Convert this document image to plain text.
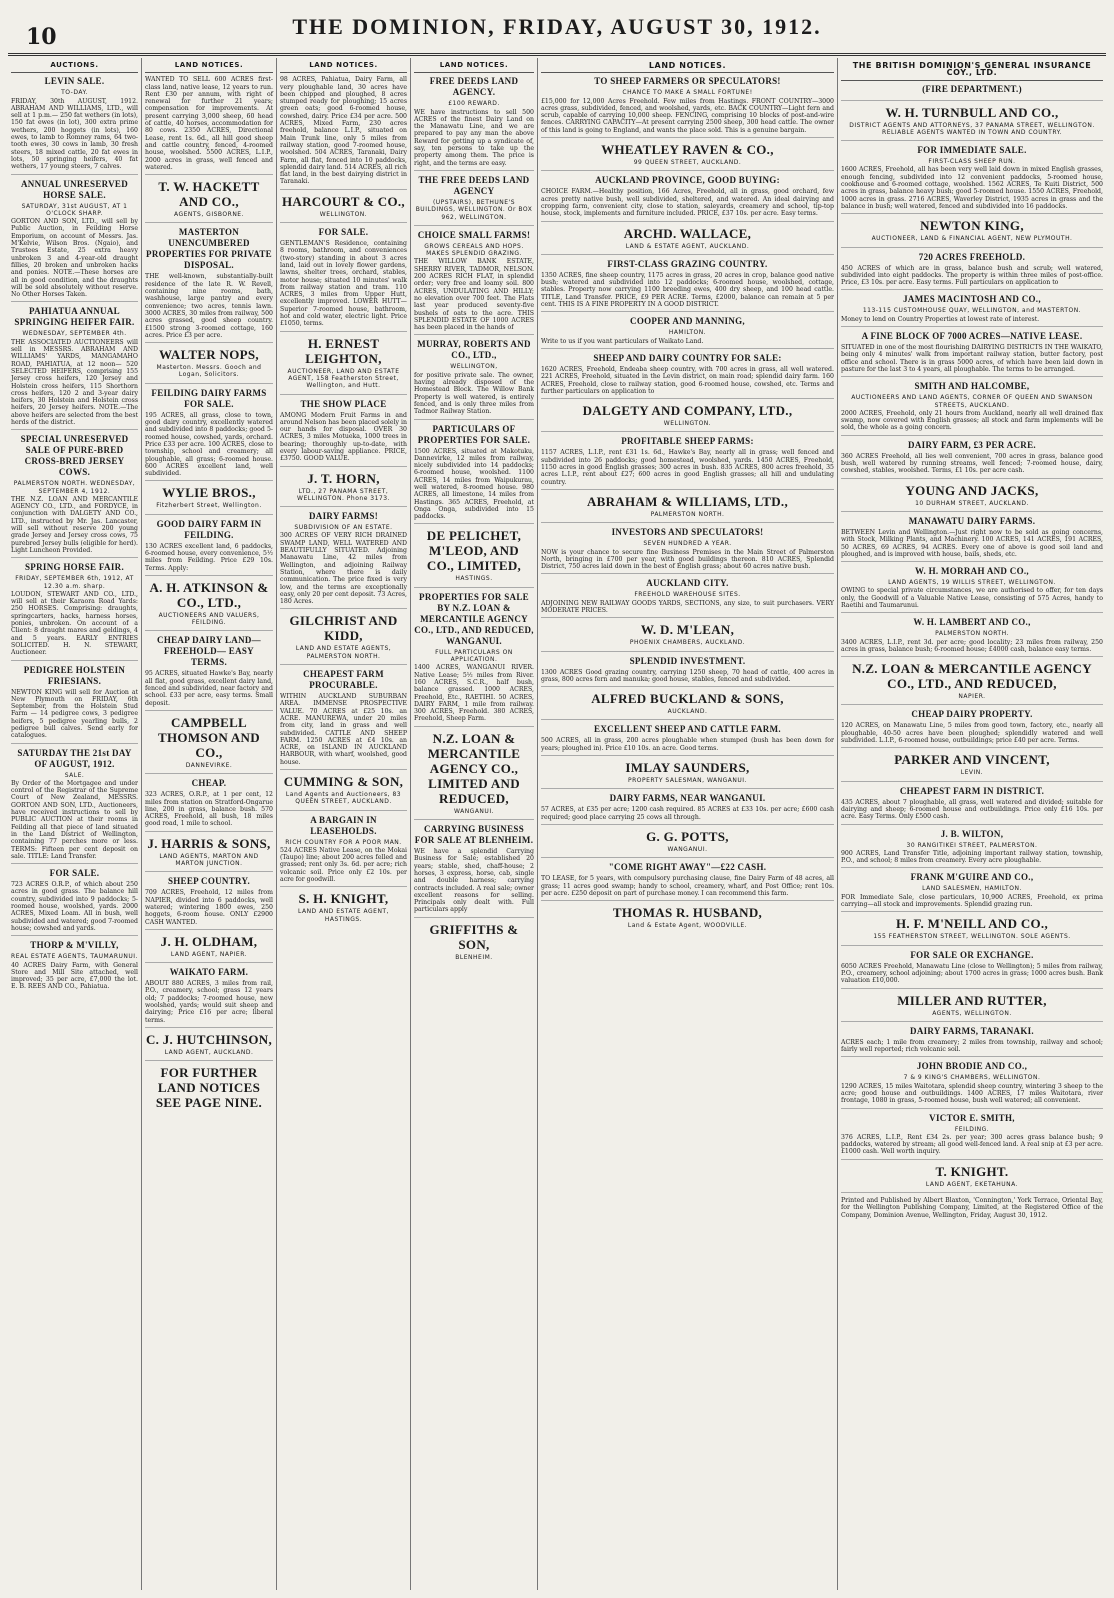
10	THE DOMINION, FRIDAY, AUGUST 30, 1912.
AUCTIONS.
LEVIN SALE.
TO-DAY.
FRIDAY, 30th AUGUST, 1912. ABRAHAM AND WILLIAMS, LTD., will sell at 1 p.m.— 250 fat wethers (in lots), 150 fat ewes (in lot), 300 extra prime wethers, 200 hoggets (in lots), 160 ewes, to lamb to Romney rams, 64 two-tooth ewes, 30 cows in lamb, 30 fresh steers, 18 mixed cattle, 20 fat ewes in lots, 50 springing heifers, 40 fat wethers, 17 young steers, 7 calves.
ANNUAL UNRESERVED HORSE SALE.
SATURDAY, 31st AUGUST, AT 1 O'CLOCK SHARP.
GORTON AND SON, LTD., will sell by Public Auction, in Feilding Horse Emporium, on account of Messrs. Jas. M'Kelvie, Wilson Bros. (Ngaio), and Trustees Estate, 25 extra heavy unbroken 3 and 4-year-old draught fillies, 20 broken and unbroken hacks and ponies. NOTE.—These horses are all in good condition, and the draughts will be sold absolutely without reserve. No Other Horses Taken.
PAHIATUA ANNUAL SPRINGING HEIFER FAIR.
WEDNESDAY, SEPTEMBER 4th.
THE ASSOCIATED AUCTIONEERS will sell in MESSRS. ABRAHAM AND WILLIAMS' YARDS, MANGAMAHO ROAD, PAHIATUA, at 12 noon— 520 SELECTED HEIFERS, comprising 155 Jersey cross heifers, 120 Jersey and Holstein cross heifers, 115 Shorthorn cross heifers, 120 2 and 3-year dairy heifers, 30 Holstein and Holstein cross heifers, 20 Jersey heifers. NOTE.—The above heifers are selected from the best herds of the district.
SPECIAL UNRESERVED SALE OF PURE-BRED CROSS-BRED JERSEY COWS.
PALMERSTON NORTH. WEDNESDAY, SEPTEMBER 4, 1912.
THE N.Z. LOAN AND MERCANTILE AGENCY CO., LTD., and FORDYCE, in conjunction with DALGETY AND CO., LTD., instructed by Mr. Jas. Lancaster, will sell without reserve 200 young grade Jersey and Jersey cross cows, 75 purebred Jersey bulls (eligible for herd). Light Luncheon Provided.
SPRING HORSE FAIR.
FRIDAY, SEPTEMBER 6th, 1912, AT 12.30 a.m. sharp.
LOUDON, STEWART AND CO., LTD., will sell at their Karaora Road Yards: 250 HORSES. Comprising: draughts, springcarters, hacks, harness horses, ponies, unbroken. On account of a Client: 8 draught mares and geldings, 4 and 5 years. EARLY ENTRIES SOLICITED. H. N. STEWART, Auctioneer.
PEDIGREE HOLSTEIN FRIESIANS.
NEWTON KING will sell for Auction at New Plymouth on FRIDAY, 6th September, from the Holstein Stud Farm — 14 pedigree cows, 3 pedigree heifers, 5 pedigree yearling bulls, 2 pedigree bull calves. Send early for catalogues.
SATURDAY THE 21st DAY OF AUGUST, 1912.
SALE.
By Order of the Mortgagee and under control of the Registrar of the Supreme Court of New Zealand, MESSRS. GORTON AND SON, LTD., Auctioneers, have received instructions to sell by PUBLIC AUCTION at their rooms in Feilding all that piece of land situated in the Land District of Wellington, containing 77 perches more or less. TERMS: Fifteen per cent deposit on sale. TITLE: Land Transfer.
FOR SALE.
723 ACRES O.R.P., of which about 250 acres in good grass. The balance hill country, subdivided into 9 paddocks; 5-roomed house, woolshed, yards. 2000 ACRES, Mixed Loam. All in bush, well subdivided and watered; good 7-roomed house; cowshed and yards.
THORP & M'VILLY,
REAL ESTATE AGENTS, TAUMARUNUI.
40 ACRES Dairy Farm, with General Store and Mill Site attached, well improved; 35 per acre, £7,000 the lot. E. B. REES AND CO., Pahiatua.
LAND NOTICES.
WANTED TO SELL 600 ACRES first-class land, native lease, 12 years to run. Rent £30 per annum, with right of renewal for further 21 years; compensation for improvements. At present carrying 3,000 sheep, 60 head of cattle, 40 horses, accommodation for 80 cows. 2350 ACRES, Directional Lease, rent 1s. 6d., all hill good sheep and cattle country, fenced, 4-roomed house, woolshed. 5500 ACRES, L.I.P., 2000 acres in grass, well fenced and watered.
T. W. HACKETT AND CO.,
AGENTS, GISBORNE.
MASTERTON UNENCUMBERED PROPERTIES FOR PRIVATE DISPOSAL.
THE well-known, substantially-built residence of the late R. W. Revell, containing nine rooms, bath, washhouse, large pantry and every convenience; two acres, tennis lawn. 3000 ACRES, 30 miles from railway, 500 acres grassed, good sheep country. £1500 strong 3-roomed cottage, 160 acres. Price £3 per acre.
WALTER NOPS,
Masterton. Messrs. Gooch and Logan, Solicitors.
FEILDING DAIRY FARMS FOR SALE.
195 ACRES, all grass, close to town, good dairy country, excellently watered and subdivided into 8 paddocks; good 5-roomed house, cowshed, yards, orchard. Price £33 per acre. 100 ACRES, close to township, school and creamery; all ploughable, all grass; 6-roomed house. 600 ACRES excellent land, well subdivided.
WYLIE BROS.,
Fitzherbert Street, Wellington.
GOOD DAIRY FARM IN FEILDING.
130 ACRES excellent land, 6 paddocks, 6-roomed house, every convenience, 5½ miles from Feilding. Price £29 10s. Terms. Apply:
A. H. ATKINSON & CO., LTD.,
AUCTIONEERS AND VALUERS, FEILDING.
CHEAP DAIRY LAND—FREEHOLD— EASY TERMS.
95 ACRES, situated Hawke's Bay, nearly all flat, good grass, excellent dairy land, fenced and subdivided, near factory and school. £33 per acre, easy terms. Small deposit.
CAMPBELL THOMSON AND CO.,
DANNEVIRKE.
CHEAP.
323 ACRES, O.R.P., at 1 per cent, 12 miles from station on Stratford-Ongarue line, 200 in grass, balance bush. 570 ACRES, Freehold, all bush, 18 miles good road, 1 mile to school.
J. HARRIS & SONS,
LAND AGENTS, MARTON AND MARTON JUNCTION.
SHEEP COUNTRY.
709 ACRES, Freehold, 12 miles from NAPIER, divided into 6 paddocks, well watered; wintering 1800 ewes, 250 hoggets, 6-room house. ONLY £2900 CASH WANTED.
J. H. OLDHAM,
LAND AGENT, NAPIER.
WAIKATO FARM.
ABOUT 880 ACRES, 3 miles from rail, P.O., creamery, school; grass 12 years old; 7 paddocks; 7-roomed house, new woolshed, yards; would suit sheep and dairying; Price £16 per acre; liberal terms.
C. J. HUTCHINSON,
LAND AGENT, AUCKLAND.
FOR FURTHER LAND NOTICES SEE PAGE NINE.
LAND NOTICES.
98 ACRES, Pahiatua, Dairy Farm, all very ploughable land, 30 acres have been chipped and ploughed, 8 acres stumped ready for ploughing; 15 acres green oats; good 6-roomed house, cowshed, dairy. Price £34 per acre. 500 ACRES, Mixed Farm, 230 acres freehold, balance L.I.P., situated on Main Trunk line, only 5 miles from railway station, good 7-roomed house, woolshed. 504 ACRES, Taranaki, Dairy Farm, all flat, fenced into 10 paddocks, splendid dairy land. 514 ACRES, all rich flat land, in the best dairying district in Taranaki.
HARCOURT & CO.,
WELLINGTON.
FOR SALE.
GENTLEMAN'S Residence, containing 8 rooms, bathroom, and conveniences (two-story) standing in about 3 acres land, laid out in lovely flower gardens, lawns, shelter trees, orchard, stables, motor house; situated 10 minutes' walk from railway station and tram. 110 ACRES, 3 miles from Upper Hutt, excellently improved. LOWER HUTT—Superior 7-roomed house, bathroom, hot and cold water, electric light. Price £1050, terms.
H. ERNEST LEIGHTON,
AUCTIONEER, LAND AND ESTATE AGENT, 158 Featherston Street, Wellington, and Hutt.
THE SHOW PLACE
AMONG Modern Fruit Farms in and around Nelson has been placed solely in our hands for disposal. OVER 30 ACRES, 3 miles Motueka, 1000 trees in bearing; thoroughly up-to-date, with every labour-saving appliance. PRICE, £3750. GOOD VALUE.
J. T. HORN,
LTD., 27 PANAMA STREET, WELLINGTON. Phone 3173.
DAIRY FARMS!
SUBDIVISION OF AN ESTATE.
300 ACRES OF VERY RICH DRAINED SWAMP LAND, WELL WATERED AND BEAUTIFULLY SITUATED. Adjoining Manawatu Line, 42 miles from Wellington, and adjoining Railway Station, where there is daily communication. The price fixed is very low, and the terms are exceptionally easy, only 20 per cent deposit. 73 Acres, 180 Acres.
GILCHRIST AND KIDD,
LAND AND ESTATE AGENTS, PALMERSTON NORTH.
CHEAPEST FARM PROCURABLE.
WITHIN AUCKLAND SUBURBAN AREA. IMMENSE PROSPECTIVE VALUE. 70 ACRES at £25 10s. an ACRE. MANUREWA, under 20 miles from city, land in grass and well subdivided. CATTLE AND SHEEP FARM. 1250 ACRES at £4 10s. an ACRE, on ISLAND IN AUCKLAND HARBOUR, with wharf, woolshed, good house.
CUMMING & SON,
Land Agents and Auctioneers, 83 QUEEN STREET, AUCKLAND.
A BARGAIN IN LEASEHOLDS.
RICH COUNTRY FOR A POOR MAN.
524 ACRES Native Lease, on the Mokai (Taupo) line; about 200 acres felled and grassed; rent only 3s. 6d. per acre; rich volcanic soil. Price only £2 10s. per acre for goodwill.
S. H. KNIGHT,
LAND AND ESTATE AGENT, HASTINGS.
LAND NOTICES.
FREE DEEDS LAND AGENCY.
£100 REWARD.
WE have instructions to sell 500 ACRES of the finest Dairy Land on the Manawatu Line, and we are prepared to pay any man the above Reward for getting up a syndicate of, say, ten persons to take up the property among them. The price is right, and the terms are easy.
THE FREE DEEDS LAND AGENCY
(UPSTAIRS), BETHUNE'S BUILDINGS, WELLINGTON. Or BOX 962, WELLINGTON.
CHOICE SMALL FARMS!
GROWS CEREALS AND HOPS. MAKES SPLENDID GRAZING.
THE WILLOW BANK ESTATE, SHERRY RIVER, TADMOR, NELSON. 200 ACRES RICH FLAT, in splendid order; very free and loamy soil. 800 ACRES, UNDULATING AND HILLY; no elevation over 700 feet. The Flats last year produced seventy-five bushels of oats to the acre. THIS SPLENDID ESTATE OF 1000 ACRES has been placed in the hands of
MURRAY, ROBERTS AND CO., LTD.,
WELLINGTON,
for positive private sale. The owner, having already disposed of the Homestead Block. The Willow Bank Property is well watered, is entirely fenced, and is only three miles from Tadmor Railway Station.
PARTICULARS OF PROPERTIES FOR SALE.
1500 ACRES, situated at Makotuku, Dannevirke, 12 miles from railway, nicely subdivided into 14 paddocks; 6-roomed house, woolshed. 1100 ACRES, 14 miles from Waipukurau, well watered, 8-roomed house. 980 ACRES, all limestone, 14 miles from Hastings. 365 ACRES, Freehold, at Onga Onga, subdivided into 15 paddocks.
DE PELICHET, M'LEOD, AND CO., LIMITED,
HASTINGS.
PROPERTIES FOR SALE BY N.Z. LOAN & MERCANTILE AGENCY CO., LTD., AND REDUCED, WANGANUI.
FULL PARTICULARS ON APPLICATION.
1400 ACRES, WANGANUI RIVER. Native Lease; 5½ miles from River. 160 ACRES, S.C.R., half bush, balance grassed. 1000 ACRES, Freehold, Etc., RAETIHI. 50 ACRES, DAIRY FARM, 1 mile from railway. 300 ACRES, Freehold. 380 ACRES, Freehold, Sheep Farm.
N.Z. LOAN & MERCANTILE AGENCY CO., LIMITED AND REDUCED,
WANGANUI.
CARRYING BUSINESS FOR SALE AT BLENHEIM.
WE have a splendid Carrying Business for Sale; established 20 years; stable, shed, chaff-house; 2 horses, 3 express, horse, cab, single and double harness; carrying contracts included. A real sale; owner excellent reasons for selling. Principals only dealt with. Full particulars apply
GRIFFITHS & SON,
BLENHEIM.
LAND NOTICES.
TO SHEEP FARMERS OR SPECULATORS!
CHANCE TO MAKE A SMALL FORTUNE!
£15,000 for 12,000 Acres Freehold. Few miles from Hastings. FRONT COUNTRY—3000 acres grass, subdivided, fenced, and woolshed, yards, etc. BACK COUNTRY—Light fern and scrub, capable of carrying 10,000 sheep. FENCING, comprising 10 blocks of post-and-wire fences. CARRYING CAPACITY—At present carrying 2500 sheep, 300 head cattle. The owner of this land is going to England, and wants the place sold. This is a genuine bargain.
WHEATLEY RAVEN & CO.,
99 QUEEN STREET, AUCKLAND.
AUCKLAND PROVINCE, GOOD BUYING:
CHOICE FARM.—Healthy position, 166 Acres, Freehold, all in grass, good orchard, few acres pretty native bush, well subdivided, sheltered, and watered. An ideal dairying and cropping farm, convenient city, close to station, saleyards, creamery and school, tip-top house, stock, implements and furniture included. PRICE, £37 10s. per acre. Easy terms.
ARCHD. WALLACE,
LAND & ESTATE AGENT, AUCKLAND.
FIRST-CLASS GRAZING COUNTRY.
1350 ACRES, fine sheep country, 1175 acres in grass, 20 acres in crop, balance good native bush; watered and subdivided into 12 paddocks; 6-roomed house, woolshed, cottage, stables. Property now carrying 1100 breeding ewes, 400 dry sheep, and 100 head cattle. TITLE, Land Transfer. PRICE, £9 PER ACRE. Terms, £2000, balance can remain at 5 per cent. THIS IS A FINE PROPERTY IN A GOOD DISTRICT.
COOPER AND MANNING,
HAMILTON.
Write to us if you want particulars of Waikato Land.
SHEEP AND DAIRY COUNTRY FOR SALE:
1620 ACRES, Freehold, Endeaba sheep country, with 700 acres in grass, all well watered. 221 ACRES, Freehold, situated in the Levin district, on main road; splendid dairy farm. 160 ACRES, Freehold, close to railway station, good 6-roomed house, cowshed, etc. Terms and further particulars on application to
DALGETY AND COMPANY, LTD.,
WELLINGTON.
PROFITABLE SHEEP FARMS:
1157 ACRES, L.I.P., rent £31 1s. 6d., Hawke's Bay, nearly all in grass; well fenced and subdivided into 26 paddocks; good homestead, woolshed, yards. 1450 ACRES, Freehold, 1150 acres in good English grasses; 300 acres in bush. 835 ACRES, 800 acres freehold, 35 acres L.I.P., rent about £27; 600 acres in good English grasses; all hill and undulating country.
ABRAHAM & WILLIAMS, LTD.,
PALMERSTON NORTH.
INVESTORS AND SPECULATORS!
SEVEN HUNDRED A YEAR.
NOW is your chance to secure fine Business Premises in the Main Street of Palmerston North, bringing in £700 per year, with good buildings thereon. 810 ACRES, Splendid District, 750 acres laid down in the best of English grass; about 60 acres native bush.
AUCKLAND CITY.
FREEHOLD WAREHOUSE SITES.
ADJOINING NEW RAILWAY GOODS YARDS, SECTIONS, any size, to suit purchasers. VERY MODERATE PRICES.
W. D. M'LEAN,
PHOENIX CHAMBERS, AUCKLAND.
SPLENDID INVESTMENT.
1300 ACRES Good grazing country, carrying 1250 sheep, 70 head of cattle, 400 acres in grass, 800 acres fern and manuka; good house, stables, fenced and subdivided.
ALFRED BUCKLAND & SONS,
AUCKLAND.
EXCELLENT SHEEP AND CATTLE FARM.
500 ACRES, all in grass, 200 acres ploughable when stumped (bush has been down for years; ploughed in). Price £10 10s. an acre. Good terms.
IMLAY SAUNDERS,
PROPERTY SALESMAN, WANGANUI.
DAIRY FARMS, NEAR WANGANUI.
57 ACRES, at £35 per acre; 1200 cash required. 85 ACRES at £33 10s. per acre; £600 cash required; good place carrying 25 cows all through.
G. G. POTTS,
WANGANUI.
"COME RIGHT AWAY"—£22 CASH.
TO LEASE, for 5 years, with compulsory purchasing clause, fine Dairy Farm of 48 acres, all grass; 11 acres good swamp; handy to school, creamery, wharf, and Post Office; rent 10s. per acre. £250 deposit on part of purchase money. I can recommend this farm.
THOMAS R. HUSBAND,
Land & Estate Agent, WOODVILLE.
THE BRITISH DOMINION'S GENERAL INSURANCE COY., LTD.
(FIRE DEPARTMENT.)
W. H. TURNBULL AND CO.,
DISTRICT AGENTS AND ATTORNEYS, 37 PANAMA STREET, WELLINGTON. RELIABLE AGENTS WANTED IN TOWN AND COUNTRY.
FOR IMMEDIATE SALE.
FIRST-CLASS SHEEP RUN.
1600 ACRES, Freehold, all has been very well laid down in mixed English grasses, enough fencing, subdivided into 12 convenient paddocks, 5-roomed house, cookhouse and 6-roomed cottage, woolshed. 1562 ACRES, Te Kuiti District, 500 acres in grass, balance heavy bush; good 5-roomed house. 1550 ACRES, Freehold, 1000 acres in grass. 2716 ACRES, Waverley District, 1935 acres in grass and the balance in bush; well watered, fenced and subdivided into 16 paddocks.
NEWTON KING,
AUCTIONEER, LAND & FINANCIAL AGENT, NEW PLYMOUTH.
720 ACRES FREEHOLD.
450 ACRES of which are in grass, balance bush and scrub; well watered, subdivided into eight paddocks. The property is within three miles of post-office. Price, £3 10s. per acre. Easy terms. Full particulars on application to
JAMES MACINTOSH AND CO.,
113-115 CUSTOMHOUSE QUAY, WELLINGTON, and MASTERTON.
Money to lend on Country Properties at lowest rate of interest.
A FINE BLOCK OF 7000 ACRES—NATIVE LEASE.
SITUATED in one of the most flourishing DAIRYING DISTRICTS IN THE WAIKATO, being only 4 minutes' walk from important railway station, butter factory, post office and school. There is in grass 5000 acres, of which have been laid down in pasture for the last 3 to 4 years, all ploughable. The terms to be arranged.
SMITH AND HALCOMBE,
AUCTIONEERS AND LAND AGENTS, CORNER OF QUEEN AND SWANSON STREETS, AUCKLAND.
2000 ACRES, Freehold, only 21 hours from Auckland, nearly all well drained flax swamp, now covered with English grasses; all stock and farm implements will be sold, the whole as a going concern.
DAIRY FARM, £3 PER ACRE.
360 ACRES Freehold, all lies well convenient, 700 acres in grass, balance good bush, well watered by running streams, well fenced; 7-roomed house, dairy, cowshed, stables, woolshed. Terms, £1 10s. per acre cash.
YOUNG AND JACKS,
10 DURHAM STREET, AUCKLAND.
MANAWATU DAIRY FARMS.
BETWEEN Levin and Wellington.—Just right now to be sold as going concerns, with Stock, Milking Plants, and Machinery. 100 ACRES, 141 ACRES, 191 ACRES, 50 ACRES, 69 ACRES, 94 ACRES. Every one of above is good soil land and ploughed, and is improved with house, bails, sheds, etc.
W. H. MORRAH AND CO.,
LAND AGENTS, 19 WILLIS STREET, WELLINGTON.
OWING to special private circumstances, we are authorised to offer, for ten days only, the Goodwill of a Valuable Native Lease, consisting of 575 Acres, handy to Raetihi and Taumarunui.
W. H. LAMBERT AND CO.,
PALMERSTON NORTH.
3400 ACRES, L.I.P., rent 3d. per acre; good locality; 23 miles from railway, 250 acres in grass, balance bush; 6-roomed house; £4000 cash, balance easy terms.
N.Z. LOAN & MERCANTILE AGENCY CO., LTD., AND REDUCED,
NAPIER.
CHEAP DAIRY PROPERTY.
120 ACRES, on Manawatu Line, 5 miles from good town, factory, etc., nearly all ploughable, 40-50 acres have been ploughed; splendidly watered and well subdivided. L.I.P., 6-roomed house, outbuildings; price £40 per acre. Terms.
PARKER AND VINCENT,
LEVIN.
CHEAPEST FARM IN DISTRICT.
435 ACRES, about 7 ploughable, all grass, well watered and divided; suitable for dairying and sheep; 6-roomed house and outbuildings. Price only £16 10s. per acre. Easy Terms. Only £500 cash.
J. B. WILTON,
30 RANGITIKEI STREET, PALMERSTON.
900 ACRES, Land Transfer Title, adjoining important railway station, township, P.O., and school; 8 miles from creamery. Every acre ploughable.
FRANK M'GUIRE AND CO.,
LAND SALESMEN, HAMILTON.
FOR Immediate Sale, close particulars, 10,900 ACRES, Freehold, ex prima carrying—all stock and improvements. Splendid grazing run.
H. F. M'NEILL AND CO.,
155 FEATHERSTON STREET, WELLINGTON. SOLE AGENTS.
FOR SALE OR EXCHANGE.
6050 ACRES Freehold, Manawatu Line (close to Wellington); 5 miles from railway, P.O., creamery, school adjoining; about 1700 acres in grass; 1000 acres bush. Bank valuation £10,000.
MILLER AND RUTTER,
AGENTS, WELLINGTON.
DAIRY FARMS, TARANAKI.
ACRES each; 1 mile from creamery; 2 miles from township, railway and school; fairly well reported; rich volcanic soil.
JOHN BRODIE AND CO.,
7 & 9 KING'S CHAMBERS, WELLINGTON.
1290 ACRES, 15 miles Waitotara, splendid sheep country, wintering 3 sheep to the acre; good house and outbuildings. 1400 ACRES, 17 miles Waitotara, river frontage, 1080 in grass, 5-roomed house, bush well watered; all convenient.
VICTOR E. SMITH,
FEILDING.
376 ACRES, L.I.P., Rent £34 2s. per year; 300 acres grass balance bush; 9 paddocks, watered by stream; all good well-fenced land. A real snip at £3 per acre. £1000 cash. Well worth inquiry.
T. KNIGHT.
LAND AGENT, EKETAHUNA.
Printed and Published by Albert Blaxton, 'Connington,' York Terrace, Oriental Bay, for the Wellington Publishing Company, Limited, at the Registered Office of the Company, Dominion Avenue, Wellington, Friday, August 30, 1912.
